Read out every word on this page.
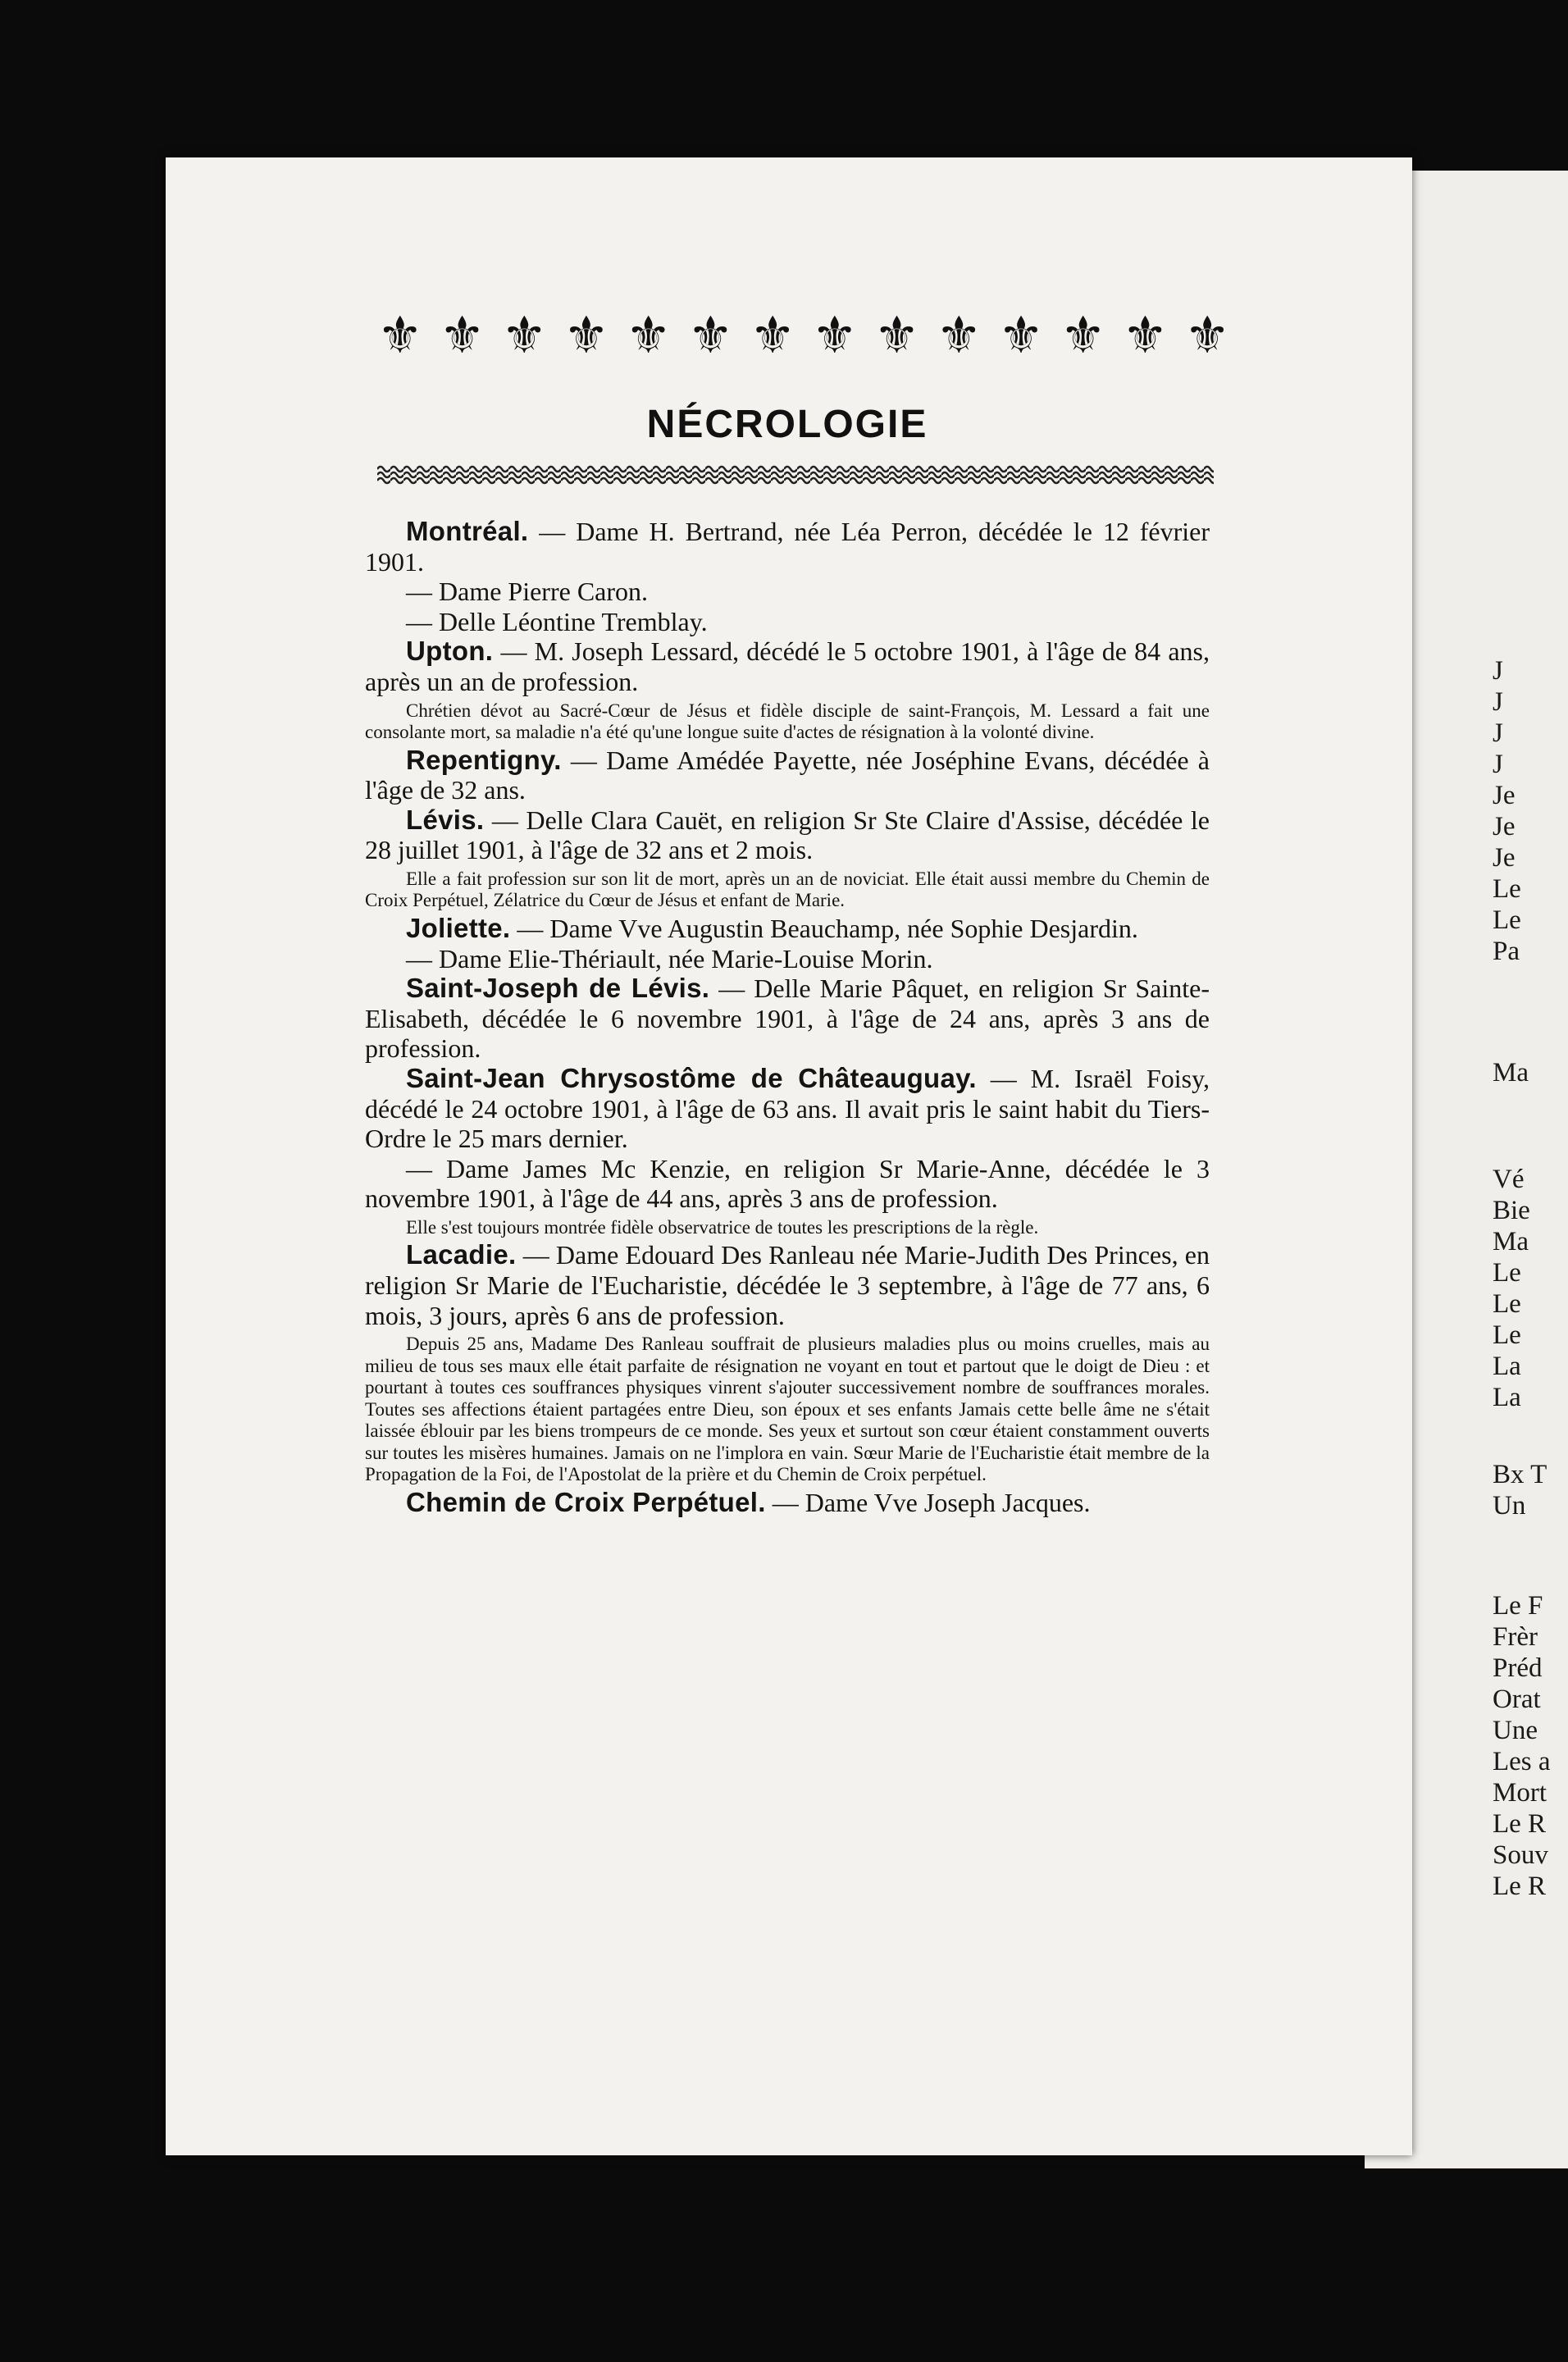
J
J
J
J
Je
Je
Je
Le
Le
Pa
Ma
Vé
Bie
Ma
Le
Le
Le
La
La
Bx T
Un
Le F
Frèr
Préd
Orat
Une
Les a
Mort
Le R
Souv
Le R
⚜ ⚜ ⚜ ⚜ ⚜ ⚜ ⚜ ⚜ ⚜ ⚜ ⚜ ⚜ ⚜ ⚜
NÉCROLOGIE

Montréal. — Dame H. Bertrand, née Léa Perron, décédée le 12 février 1901.

— Dame Pierre Caron.

— Delle Léontine Tremblay.

Upton. — M. Joseph Lessard, décédé le 5 octobre 1901, à l'âge de 84 ans, après un an de profession.

Chrétien dévot au Sacré-Cœur de Jésus et fidèle disciple de saint-François, M. Lessard a fait une consolante mort, sa maladie n'a été qu'une longue suite d'actes de résignation à la volonté divine.

Repentigny. — Dame Amédée Payette, née Joséphine Evans, décédée à l'âge de 32 ans.

Lévis. — Delle Clara Cauët, en religion Sr Ste Claire d'Assise, décédée le 28 juillet 1901, à l'âge de 32 ans et 2 mois.

Elle a fait profession sur son lit de mort, après un an de noviciat. Elle était aussi membre du Chemin de Croix Perpétuel, Zélatrice du Cœur de Jésus et enfant de Marie.

Joliette. — Dame Vve Augustin Beauchamp, née Sophie Desjardin.

— Dame Elie-Thériault, née Marie-Louise Morin.

Saint-Joseph de Lévis. — Delle Marie Pâquet, en religion Sr Sainte-Elisabeth, décédée le 6 novembre 1901, à l'âge de 24 ans, après 3 ans de profession.

Saint-Jean Chrysostôme de Châteauguay. — M. Israël Foisy, décédé le 24 octobre 1901, à l'âge de 63 ans. Il avait pris le saint habit du Tiers-Ordre le 25 mars dernier.

— Dame James Mc Kenzie, en religion Sr Marie-Anne, décédée le 3 novembre 1901, à l'âge de 44 ans, après 3 ans de profession.

Elle s'est toujours montrée fidèle observatrice de toutes les prescriptions de la règle.

Lacadie. — Dame Edouard Des Ranleau née Marie-Judith Des Princes, en religion Sr Marie de l'Eucharistie, décédée le 3 septembre, à l'âge de 77 ans, 6 mois, 3 jours, après 6 ans de profession.

Depuis 25 ans, Madame Des Ranleau souffrait de plusieurs maladies plus ou moins cruelles, mais au milieu de tous ses maux elle était parfaite de résignation ne voyant en tout et partout que le doigt de Dieu : et pourtant à toutes ces souffrances physiques vinrent s'ajouter successivement nombre de souffrances morales. Toutes ses affections étaient partagées entre Dieu, son époux et ses enfants Jamais cette belle âme ne s'était laissée éblouir par les biens trompeurs de ce monde. Ses yeux et surtout son cœur étaient constamment ouverts sur toutes les misères humaines. Jamais on ne l'implora en vain. Sœur Marie de l'Eucharistie était membre de la Propagation de la Foi, de l'Apostolat de la prière et du Chemin de Croix perpétuel.

Chemin de Croix Perpétuel. — Dame Vve Joseph Jacques.
